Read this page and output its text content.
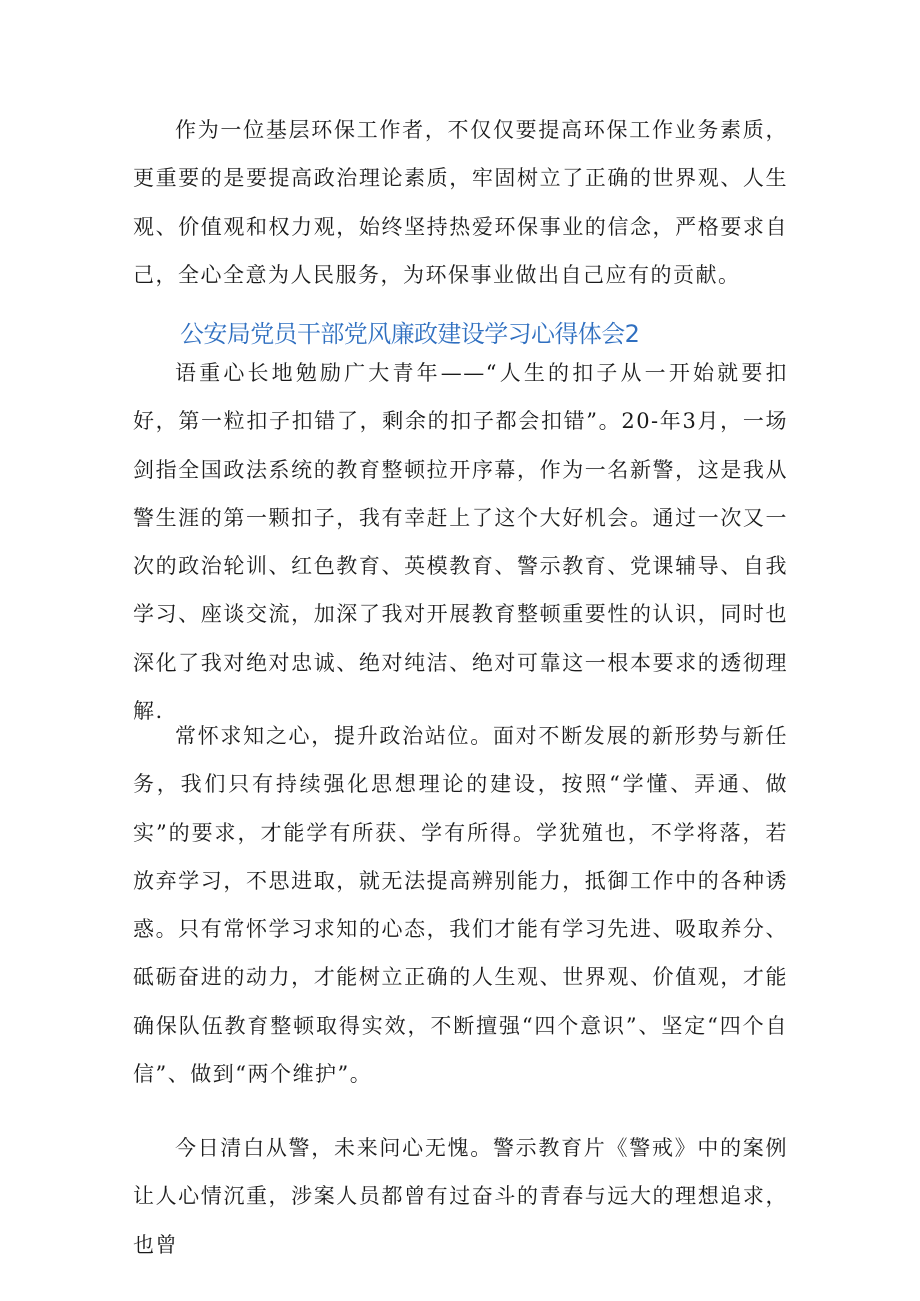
作为一位基层环保工作者，不仅仅要提高环保工作业务素质，更重要的是要提高政治理论素质，牢固树立了正确的世界观、人生观、价值观和权力观，始终坚持热爱环保事业的信念，严格要求自己，全心全意为人民服务，为环保事业做出自己应有的贡献。

公安局党员干部党风廉政建设学习心得体会2

语重心长地勉励广大青年——“人生的扣子从一开始就要扣好，第一粒扣子扣错了，剩余的扣子都会扣错”。20-年3月，一场剑指全国政法系统的教育整顿拉开序幕，作为一名新警，这是我从警生涯的第一颗扣子，我有幸赶上了这个大好机会。通过一次又一次的政治轮训、红色教育、英模教育、警示教育、党课辅导、自我学习、座谈交流，加深了我对开展教育整顿重要性的认识，同时也深化了我对绝对忠诚、绝对纯洁、绝对可靠这一根本要求的透彻理解.

常怀求知之心，提升政治站位。面对不断发展的新形势与新任务，我们只有持续强化思想理论的建设，按照“学懂、弄通、做实”的要求，才能学有所获、学有所得。学犹殖也，不学将落，若放弃学习，不思进取，就无法提高辨别能力，抵御工作中的各种诱惑。只有常怀学习求知的心态，我们才能有学习先进、吸取养分、砥砺奋进的动力，才能树立正确的人生观、世界观、价值观，才能确保队伍教育整顿取得实效，不断擅强“四个意识”、坚定“四个自信”、做到“两个维护”。

今日清白从警，未来问心无愧。警示教育片《警戒》中的案例让人心情沉重，涉案人员都曾有过奋斗的青春与远大的理想追求，也曾
